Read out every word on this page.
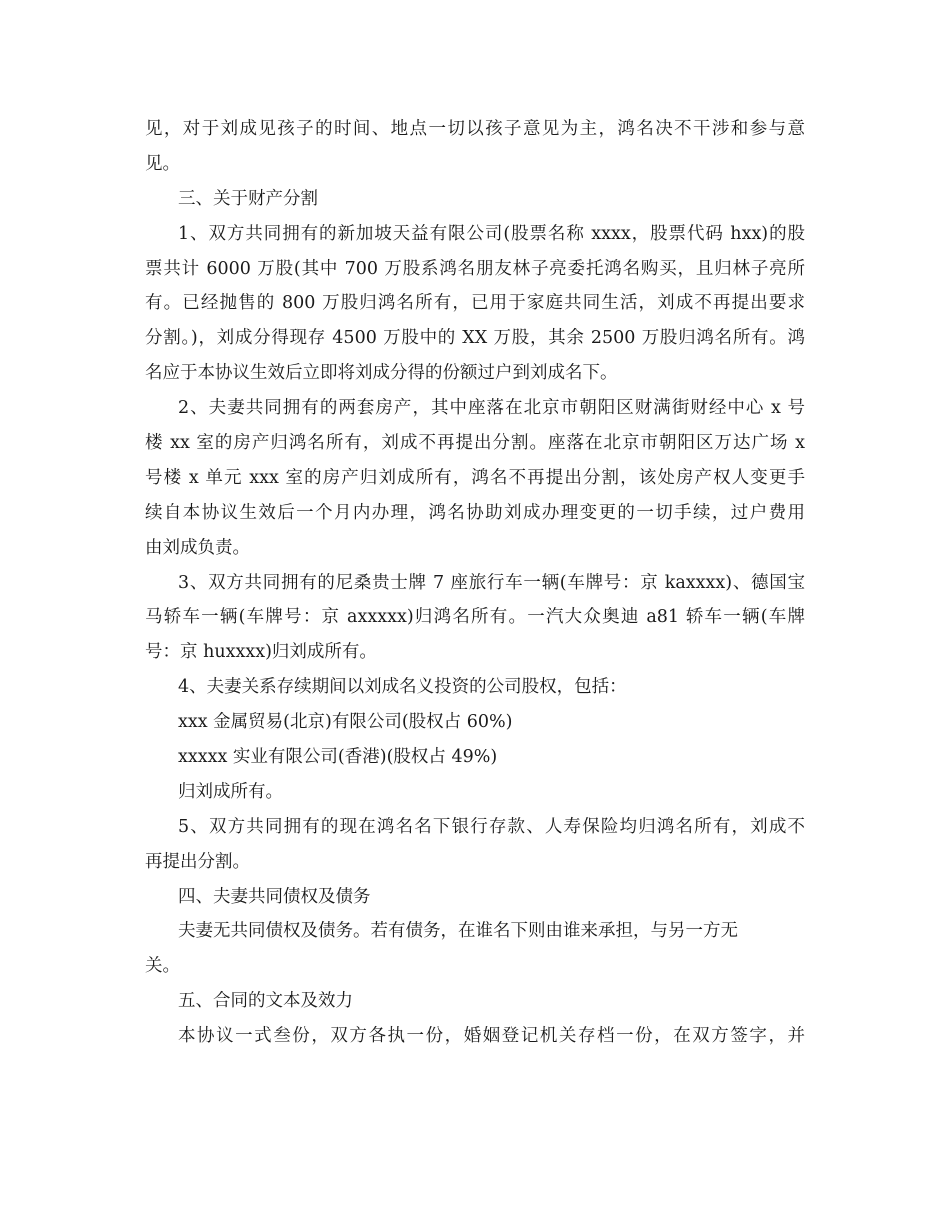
见，对于刘成见孩子的时间、地点一切以孩子意见为主，鸿名决不干涉和参与意
见。
三、关于财产分割
1、双方共同拥有的新加坡天益有限公司(股票名称 xxxx，股票代码 hxx)的股
票共计 6000 万股(其中 700 万股系鸿名朋友林子亮委托鸿名购买，且归林子亮所
有。已经抛售的 800 万股归鸿名所有，已用于家庭共同生活，刘成不再提出要求
分割。)，刘成分得现存 4500 万股中的 XX 万股，其余 2500 万股归鸿名所有。鸿
名应于本协议生效后立即将刘成分得的份额过户到刘成名下。
2、夫妻共同拥有的两套房产，其中座落在北京市朝阳区财满街财经中心 x 号
楼 xx 室的房产归鸿名所有，刘成不再提出分割。座落在北京市朝阳区万达广场 x
号楼 x 单元 xxx 室的房产归刘成所有，鸿名不再提出分割，该处房产权人变更手
续自本协议生效后一个月内办理，鸿名协助刘成办理变更的一切手续，过户费用
由刘成负责。
3、双方共同拥有的尼桑贵士牌 7 座旅行车一辆(车牌号：京 kaxxxx)、德国宝
马轿车一辆(车牌号：京 axxxxx)归鸿名所有。一汽大众奥迪 a81 轿车一辆(车牌
号：京 huxxxx)归刘成所有。
4、夫妻关系存续期间以刘成名义投资的公司股权，包括：
xxx 金属贸易(北京)有限公司(股权占 60%)
xxxxx 实业有限公司(香港)(股权占 49%)
归刘成所有。
5、双方共同拥有的现在鸿名名下银行存款、人寿保险均归鸿名所有，刘成不
再提出分割。
四、夫妻共同债权及债务
夫妻无共同债权及债务。若有债务，在谁名下则由谁来承担，与另一方无
关。
五、合同的文本及效力
本协议一式叁份，双方各执一份，婚姻登记机关存档一份，在双方签字，并
